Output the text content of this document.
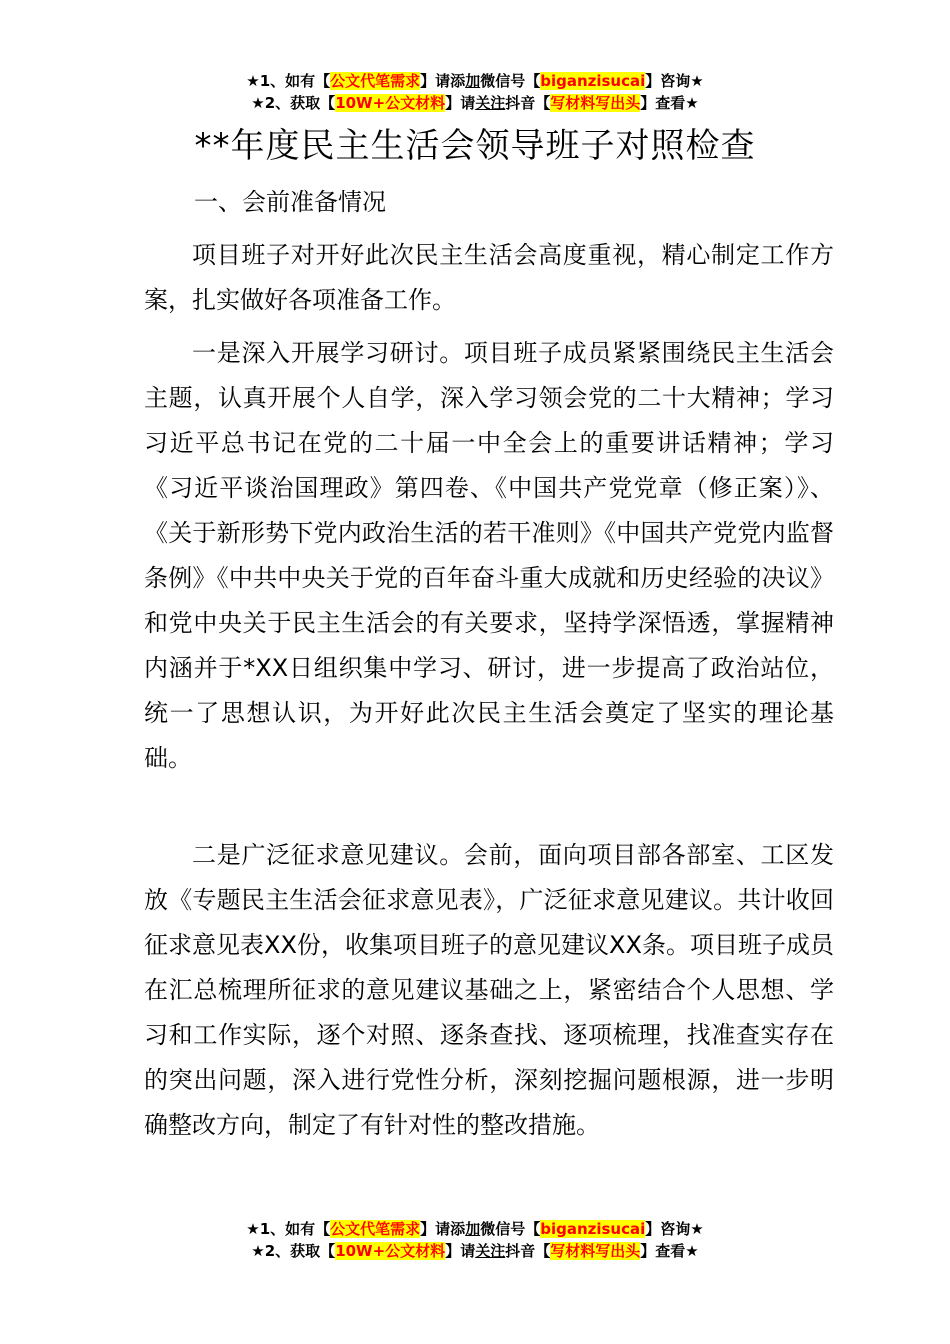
★1、如有【公文代笔需求】请添加微信号【biganzisucai】咨询★
★2、获取【10W+公文材料】请关注抖音【写材料写出头】查看★
**年度民主生活会领导班子对照检查
一、会前准备情况
项目班子对开好此次民主生活会高度重视，精心制定工作方案，扎实做好各项准备工作。
一是深入开展学习研讨。项目班子成员紧紧围绕民主生活会主题，认真开展个人自学，深入学习领会党的二十大精神；学习习近平总书记在党的二十届一中全会上的重要讲话精神；学习《习近平谈治国理政》第四卷、《中国共产党党章（修正案）》、《关于新形势下党内政治生活的若干准则》《中国共产党党内监督条例》《中共中央关于党的百年奋斗重大成就和历史经验的决议》和党中央关于民主生活会的有关要求，坚持学深悟透，掌握精神内涵并于*XX日组织集中学习、研讨，进一步提高了政治站位，统一了思想认识，为开好此次民主生活会奠定了坚实的理论基础。
二是广泛征求意见建议。会前，面向项目部各部室、工区发放《专题民主生活会征求意见表》，广泛征求意见建议。共计收回征求意见表XX份，收集项目班子的意见建议XX条。项目班子成员在汇总梳理所征求的意见建议基础之上，紧密结合个人思想、学习和工作实际，逐个对照、逐条查找、逐项梳理，找准查实存在的突出问题，深入进行党性分析，深刻挖掘问题根源，进一步明确整改方向，制定了有针对性的整改措施。
★1、如有【公文代笔需求】请添加微信号【biganzisucai】咨询★
★2、获取【10W+公文材料】请关注抖音【写材料写出头】查看★
